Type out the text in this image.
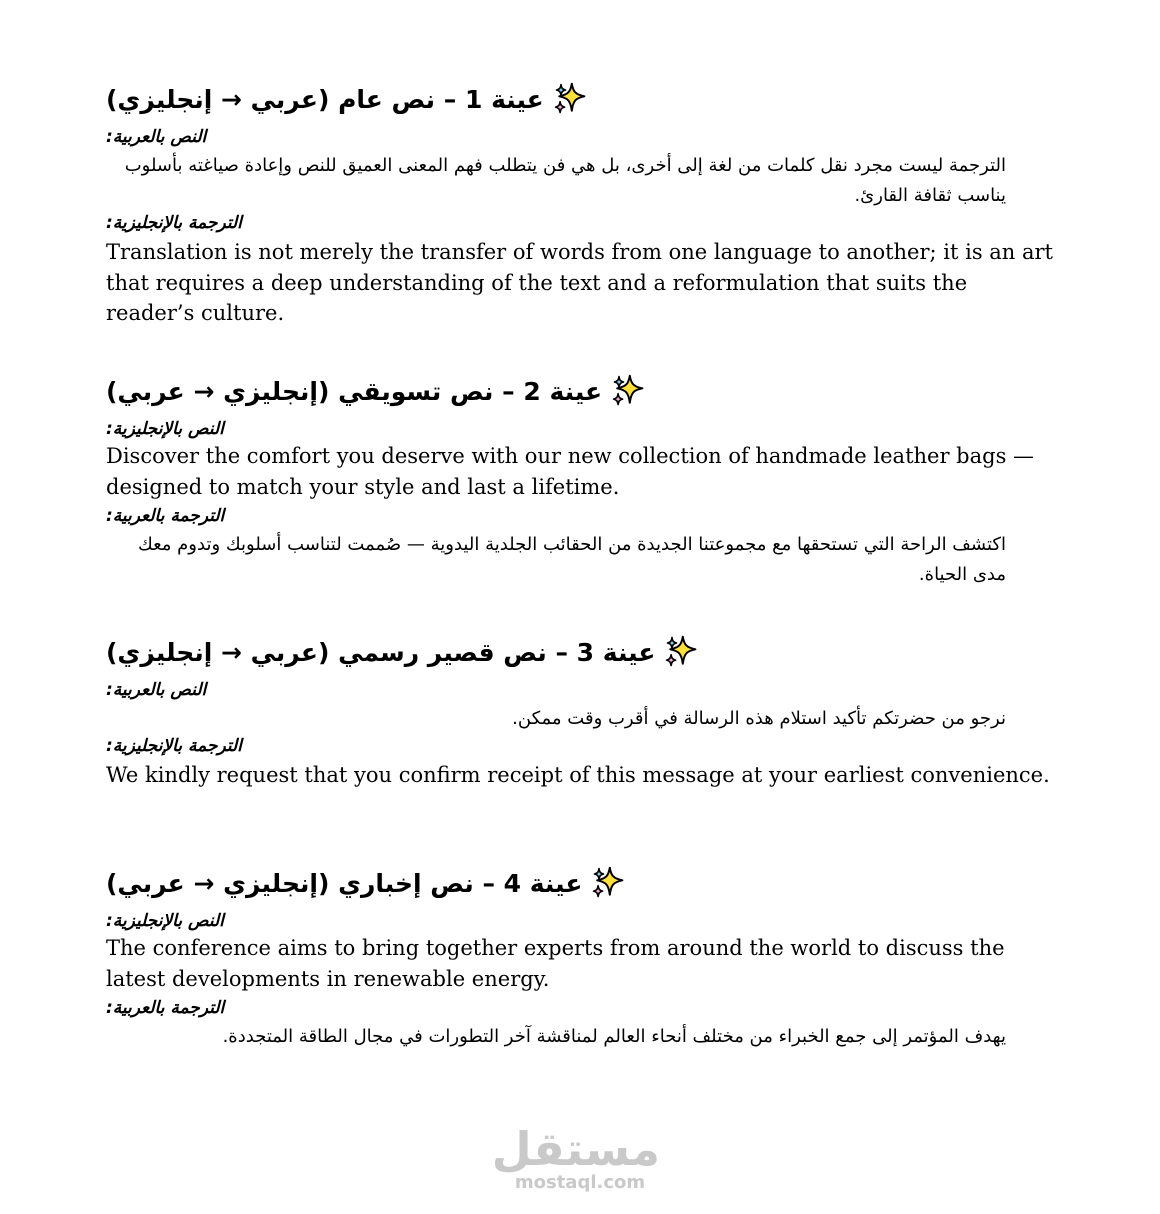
عينة 1 – نص عام (عربي → إنجليزي)
النص بالعربية:
الترجمة ليست مجرد نقل كلمات من لغة إلى أخرى، بل هي فن يتطلب فهم المعنى العميق للنص وإعادة صياغته بأسلوب يناسب ثقافة القارئ.
الترجمة بالإنجليزية:
Translation is not merely the transfer of words from one language to another; it is an art that requires a deep understanding of the text and a reformulation that suits the reader’s culture.
عينة 2 – نص تسويقي (إنجليزي → عربي)
النص بالإنجليزية:
Discover the comfort you deserve with our new collection of handmade leather bags — designed to match your style and last a lifetime.
الترجمة بالعربية:
اكتشف الراحة التي تستحقها مع مجموعتنا الجديدة من الحقائب الجلدية اليدوية — صُممت لتناسب أسلوبك وتدوم معك مدى الحياة.
عينة 3 – نص قصير رسمي (عربي → إنجليزي)
النص بالعربية:
نرجو من حضرتكم تأكيد استلام هذه الرسالة في أقرب وقت ممكن.
الترجمة بالإنجليزية:
We kindly request that you confirm receipt of this message at your earliest convenience.
عينة 4 – نص إخباري (إنجليزي → عربي)
النص بالإنجليزية:
The conference aims to bring together experts from around the world to discuss the latest developments in renewable energy.
الترجمة بالعربية:
يهدف المؤتمر إلى جمع الخبراء من مختلف أنحاء العالم لمناقشة آخر التطورات في مجال الطاقة المتجددة.
مستقل
mostaql.com
